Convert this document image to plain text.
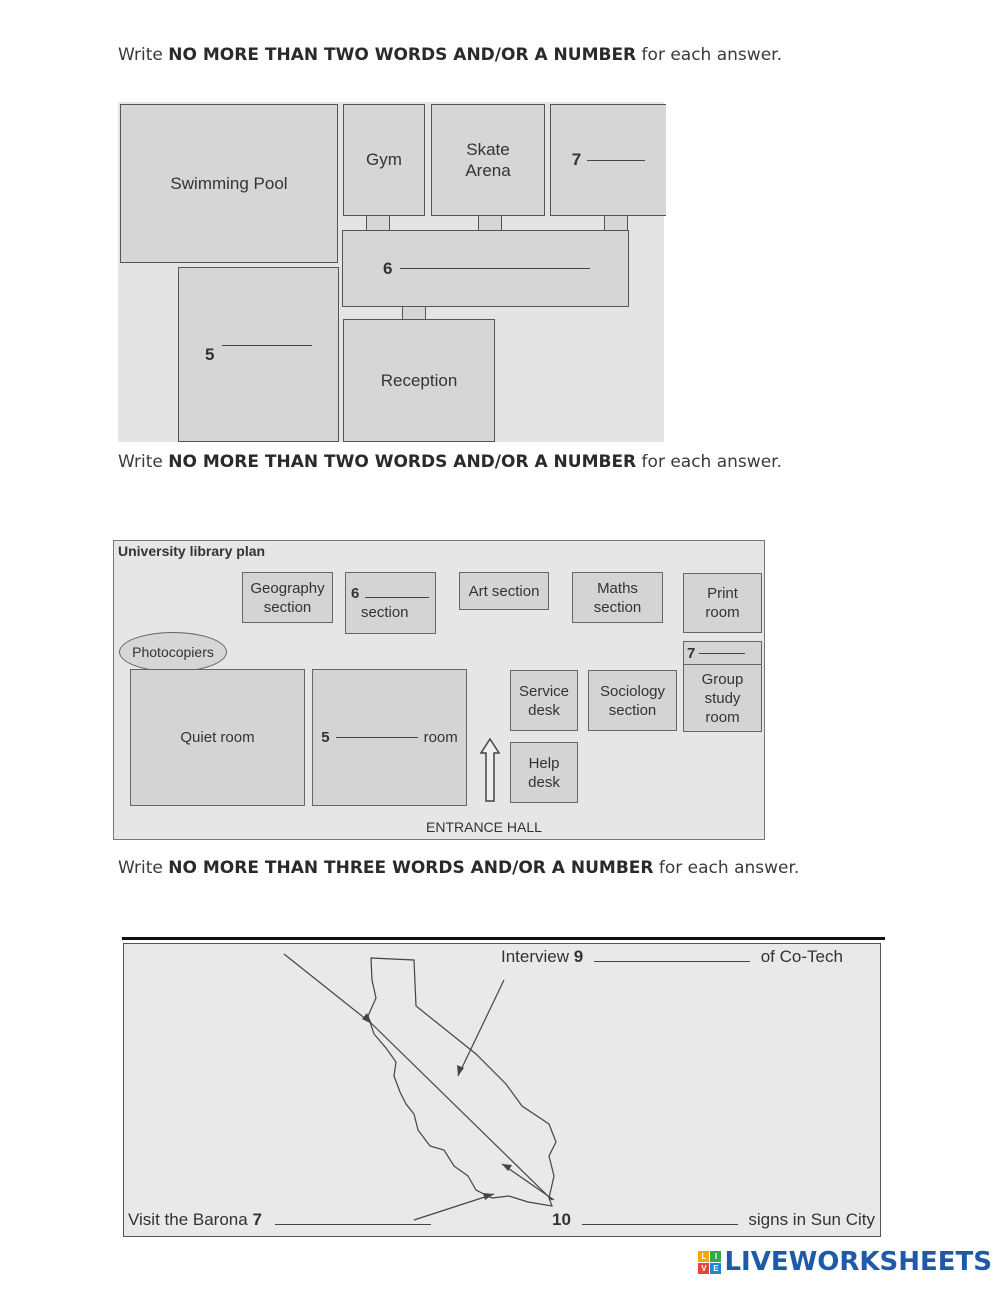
Write NO MORE THAN TWO WORDS AND/OR A NUMBER for each answer.
Swimming Pool
Gym
Skate
Arena
7
6
5
Reception
Write NO MORE THAN TWO WORDS AND/OR A NUMBER for each answer.
University library plan
Geography
section
6
section
Art section	Maths
section
Print
room
Photocopiers	7
Group
study
room
Quiet room	5	room
Service
desk
Sociology
section
Help
desk
ENTRANCE HALL
Write NO MORE THAN THREE WORDS AND/OR A NUMBER for each answer.
Interview 9	of Co-Tech
Visit the Barona 7	10	signs in Sun City
L	I
V E LIVEWORKSHEETS
